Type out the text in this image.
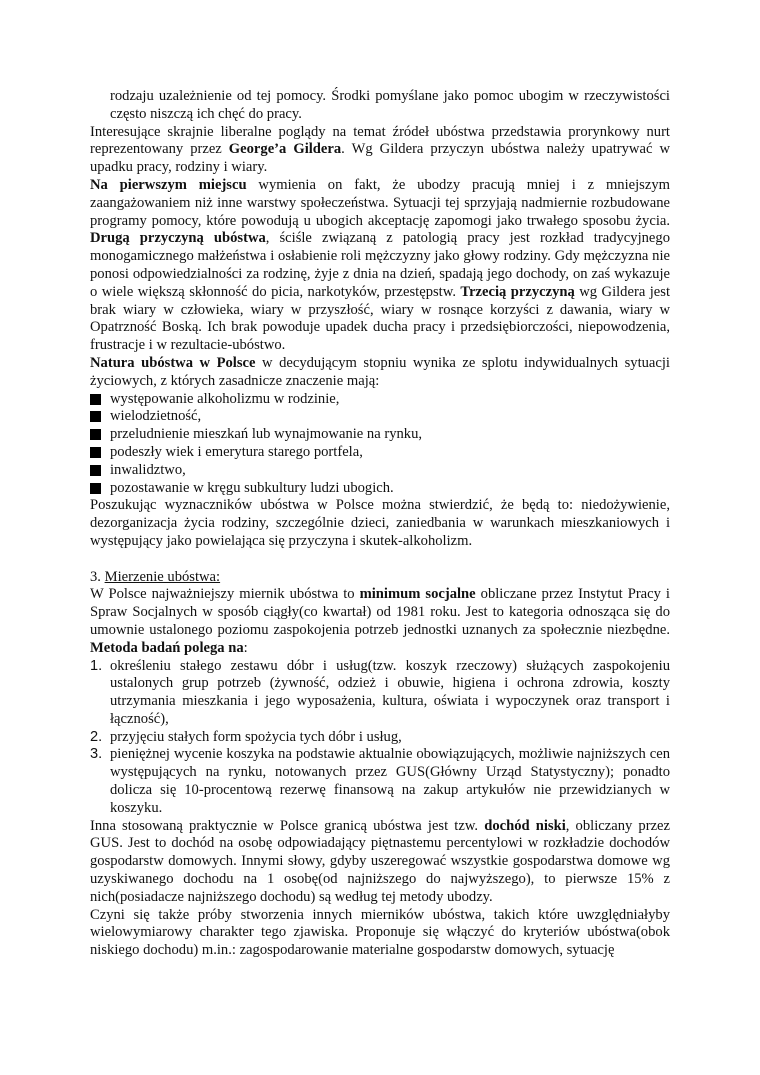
rodzaju uzależnienie od tej pomocy. Środki pomyślane jako pomoc ubogim w rzeczywistości często niszczą ich chęć do pracy.

Interesujące skrajnie liberalne poglądy na temat źródeł ubóstwa przedstawia prorynkowy nurt reprezentowany przez George’a Gildera. Wg Gildera przyczyn ubóstwa należy upatrywać w upadku pracy, rodziny i wiary.

Na pierwszym miejscu wymienia on fakt, że ubodzy pracują mniej i z mniejszym zaangażowaniem niż inne warstwy społeczeństwa. Sytuacji tej sprzyjają nadmiernie rozbudowane programy pomocy, które powodują u ubogich akceptację zapomogi jako trwałego sposobu życia. Drugą przyczyną ubóstwa, ściśle związaną z patologią pracy jest rozkład tradycyjnego monogamicznego małżeństwa i osłabienie roli mężczyzny jako głowy rodziny. Gdy mężczyzna nie ponosi odpowiedzialności za rodzinę, żyje z dnia na dzień, spadają jego dochody, on zaś wykazuje o wiele większą skłonność do picia, narkotyków, przestępstw. Trzecią przyczyną wg Gildera jest brak wiary w człowieka, wiary w przyszłość, wiary w rosnące korzyści z dawania, wiary w Opatrzność Boską. Ich brak powoduje upadek ducha pracy i przedsiębiorczości, niepowodzenia, frustracje i w rezultacie-ubóstwo.

Natura ubóstwa w Polsce w decydującym stopniu wynika ze splotu indywidualnych sytuacji życiowych, z których zasadnicze znaczenie mają:

występowanie alkoholizmu w rodzinie,
wielodzietność,
przeludnienie mieszkań lub wynajmowanie na rynku,
podeszły wiek i emerytura starego portfela,
inwalidztwo,
pozostawanie w kręgu subkultury ludzi ubogich.

Poszukując wyznaczników ubóstwa w Polsce można stwierdzić, że będą to: niedożywienie, dezorganizacja życia rodziny, szczególnie dzieci, zaniedbania w warunkach mieszkaniowych i występujący jako powielająca się przyczyna i skutek-alkoholizm.

3. Mierzenie ubóstwa:

W Polsce najważniejszy miernik ubóstwa to minimum socjalne obliczane przez Instytut Pracy i Spraw Socjalnych w sposób ciągły(co kwartał) od 1981 roku. Jest to kategoria odnosząca się do umownie ustalonego poziomu zaspokojenia potrzeb jednostki uznanych za społecznie niezbędne. Metoda badań polega na:

1. określeniu stałego zestawu dóbr i usług(tzw. koszyk rzeczowy) służących zaspokojeniu ustalonych grup potrzeb (żywność, odzież i obuwie, higiena i ochrona zdrowia, koszty utrzymania mieszkania i jego wyposażenia, kultura, oświata i wypoczynek oraz transport i łączność),
2. przyjęciu stałych form spożycia tych dóbr i usług,
3. pieniężnej wycenie koszyka na podstawie aktualnie obowiązujących, możliwie najniższych cen występujących na rynku, notowanych przez GUS(Główny Urząd Statystyczny); ponadto dolicza się 10-procentową rezerwę finansową na zakup artykułów nie przewidzianych w koszyku.

Inna stosowaną praktycznie w Polsce granicą ubóstwa jest tzw. dochód niski, obliczany przez GUS. Jest to dochód na osobę odpowiadający piętnastemu percentylowi w rozkładzie dochodów gospodarstw domowych. Innymi słowy, gdyby uszeregować wszystkie gospodarstwa domowe wg uzyskiwanego dochodu na 1 osobę(od najniższego do najwyższego), to pierwsze 15% z nich(posiadacze najniższego dochodu) są według tej metody ubodzy.

Czyni się także próby stworzenia innych mierników ubóstwa, takich które uwzględniałyby wielowymiarowy charakter tego zjawiska. Proponuje się włączyć do kryteriów ubóstwa(obok niskiego dochodu) m.in.: zagospodarowanie materialne gospodarstw domowych, sytuację
